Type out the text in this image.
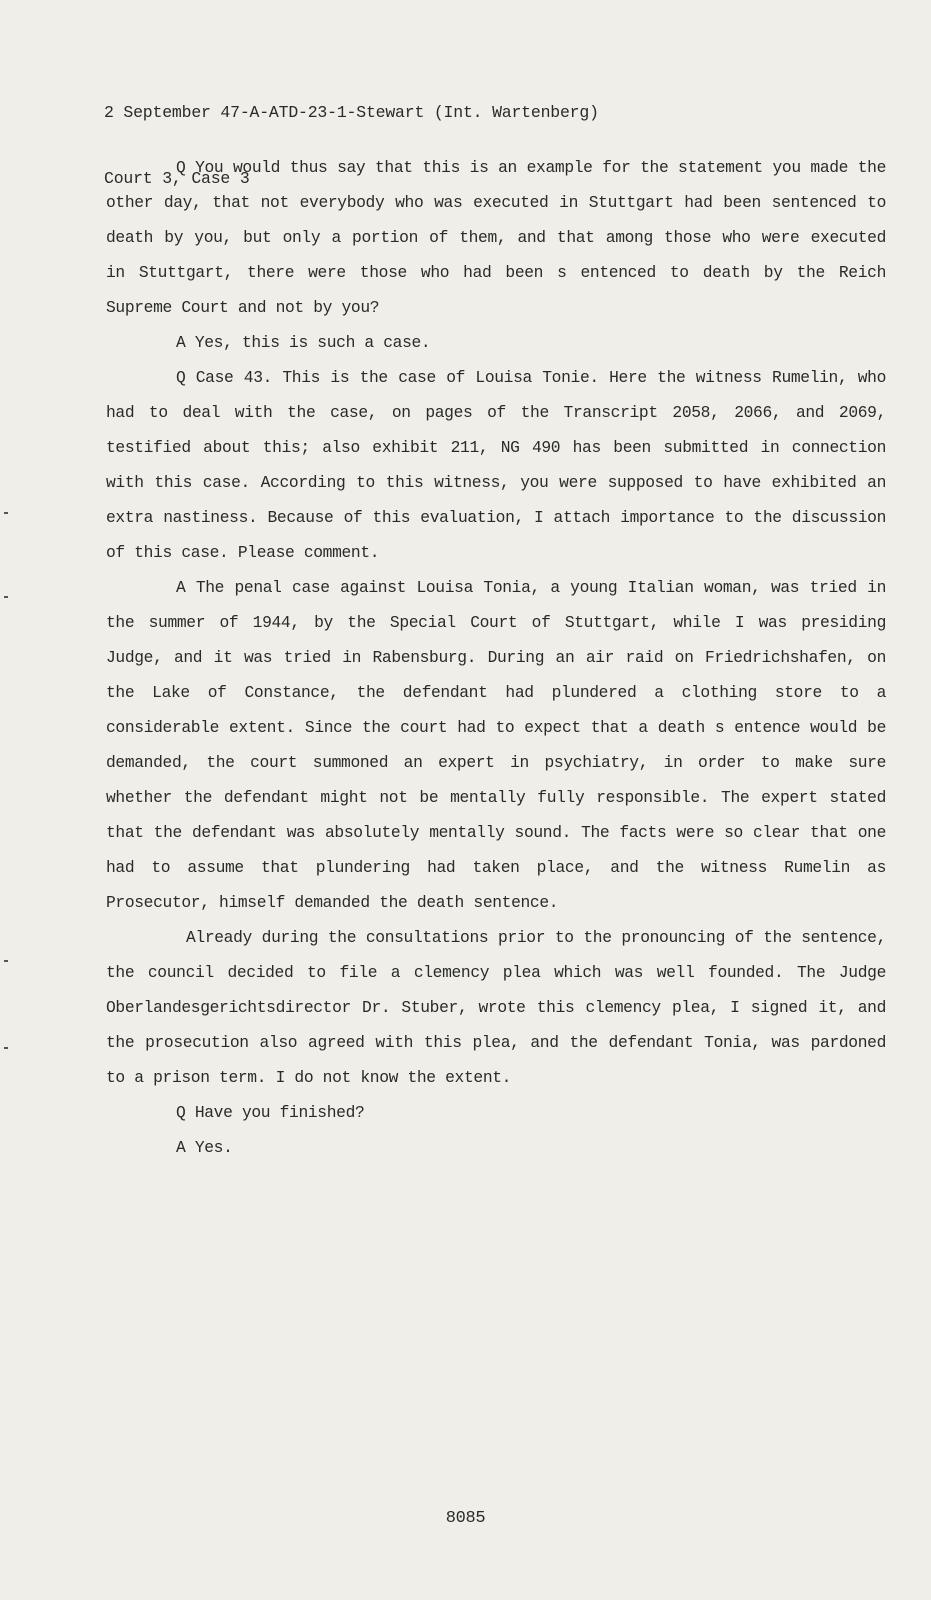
2 September 47-A-ATD-23-1-Stewart (Int. Wartenberg)

Court 3, Case 3

Q You would thus say that this is an example for the statement you made the other day, that not everybody who was executed in Stuttgart had been sentenced to death by you, but only a portion of them, and that among those who were executed in Stuttgart, there were those who had been s entenced to death by the Reich Supreme Court and not by you?

A Yes, this is such a case.

Q Case 43. This is the case of Louisa Tonie. Here the witness Rumelin, who had to deal with the case, on pages of the Transcript 2058, 2066, and 2069, testified about this; also exhibit 211, NG 490 has been submitted in connection with this case. According to this witness, you were supposed to have exhibited an extra nastiness. Because of this evaluation, I attach importance to the discussion of this case. Please comment.

A The penal case against Louisa Tonia, a young Italian woman, was tried in the summer of 1944, by the Special Court of Stuttgart, while I was presiding Judge, and it was tried in Rabensburg. During an air raid on Friedrichshafen, on the Lake of Constance, the defendant had plundered a clothing store to a considerable extent. Since the court had to expect that a death s entence would be demanded, the court summoned an expert in psychiatry, in order to make sure whether the defendant might not be mentally fully responsible. The expert stated that the defendant was absolutely mentally sound. The facts were so clear that one had to assume that plundering had taken place, and the witness Rumelin as Prosecutor, himself demanded the death sentence.

Already during the consultations prior to the pronouncing of the sentence, the council decided to file a clemency plea which was well founded. The Judge Oberlandesgerichtsdirector Dr. Stuber, wrote this clemency plea, I signed it, and the prosecution also agreed with this plea, and the defendant Tonia, was pardoned to a prison term. I do not know the extent.

Q Have you finished?

A Yes.

8085
